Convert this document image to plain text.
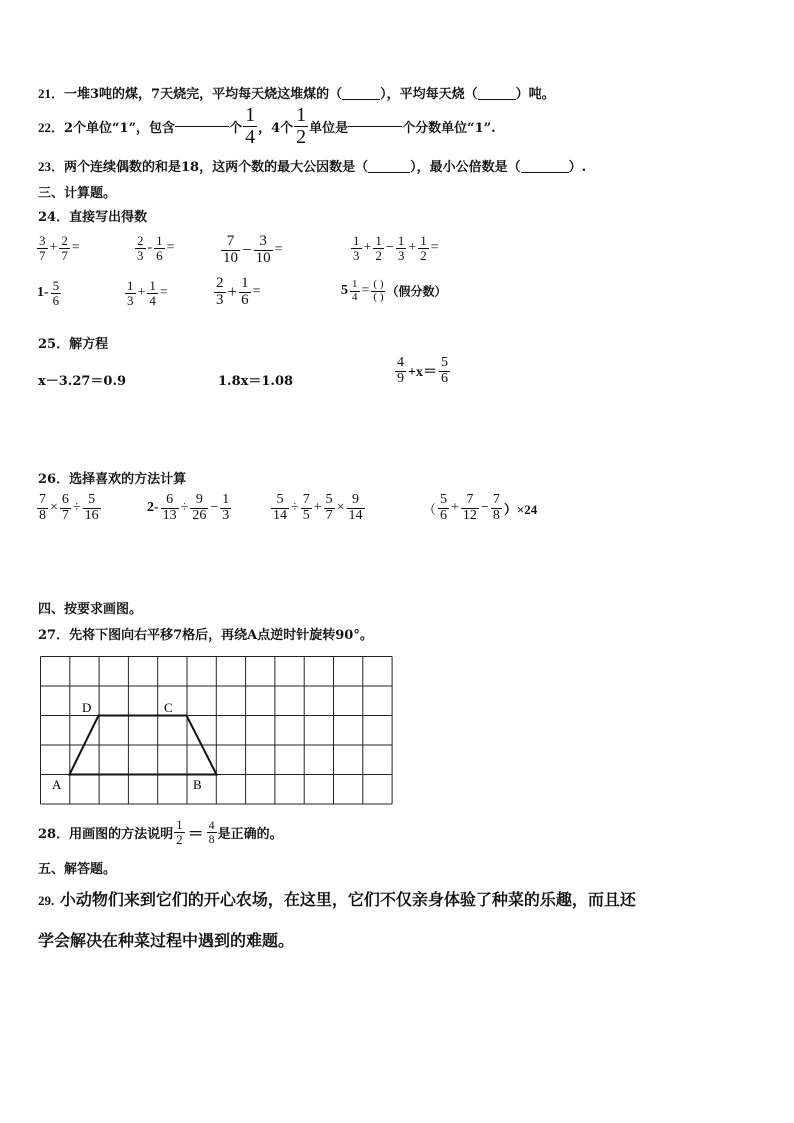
21．一堆3吨的煤，7天烧完，平均每天烧这堆煤的（	），平均每天烧（	）吨。
22． 2个单位“1”，包含	个 $\frac{1}{4}$ ，4个 $\frac{1}{2}$ 单位是	个分数单位“1”.
23．两个连续偶数的和是18，这两个数的最大公因数是（	），最小公倍数是（	）.
三、计算题。
24．直接写出得数
$\frac{3}{7} + \frac{2}{7}$ =	$\frac{2}{3} - \frac{1}{6}$ =	$\frac{7}{10} - \frac{3}{10}$ =	$\frac{1}{3} + \frac{1}{2} - \frac{1}{3} + \frac{1}{2}$ =
$1- \frac{5}{6}$	$\frac{1}{3} + \frac{1}{4}$ =	$\frac{2}{3} + \frac{1}{6}$ =	$5 \frac{1}{4} = \frac{( )}{( )}$ （假分数）
25．解方程
x－3.27＝0.9	1.8x＝1.08	$\frac{4}{9} +x= \frac{5}{6}$
26．选择喜欢的方法计算
$\frac{7}{8} \times \frac{6}{7} \div \frac{5}{16}$	$2- \frac{6}{13} \div \frac{9}{26} - \frac{1}{3}$	$\frac{5}{14} \div \frac{7}{5} + \frac{5}{7} \times \frac{9}{14}$	（ $\frac{5}{6} + \frac{7}{12} - \frac{7}{8} )\times 24$
四、按要求画图。
27．先将下图向右平移7格后，再绕A点逆时针旋转90°。
D	C
A	B
28．用画图的方法说明 $\frac{1}{2} = \frac{4}{8}$ 是正确的。
五、解答题。
29. 小动物们来到它们的开心农场，在这里，它们不仅亲身体验了种菜的乐趣，而且还
学会解决在种菜过程中遇到的难题。
